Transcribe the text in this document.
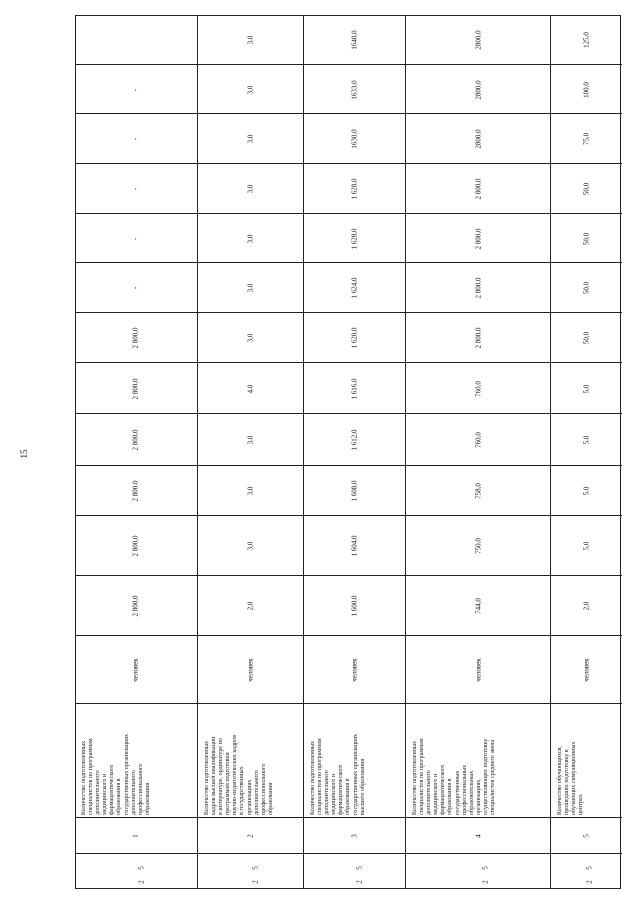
15
-
-
-
-
-
2 800,0
2 800,0
2 800,0
2 800,0
2 800,0
2 800,0
человек
Количество подготовленных специалистов по программам дополнительного медицинского и фармацевтического образования в государственных организациях дополнительного профессионального образования
1
5
2
3,0
3,0
3,0
3,0
3,0
3,0
3,0
4,0
3,0
3,0
3,0
2,0
человек
Количество подготовленных кадров высшей квалификации в интернатуре, ординатуре по программам подготовки научно-педагогических кадров в государственных организациях дополнительного профессионального образования
2
5
2
1640,0
1633,0
1630,0
1 628,0
1 628,0
1 624,0
1 620,0
1 616,0
1 612,0
1 608,0
1 604,0
1 600,0
человек
Количество подготовленных специалистов по программам дополнительного медицинского и фармацевтического образования в государственных организациях высшего образования
3
5
2
2800,0
2800,0
2800,0
2 800,0
2 800,0
2 800,0
2 800,0
760,0
760,0
758,0
750,0
744,0
человек
Количество подготовленных специалистов по программам дополнительного медицинского и фармацевтического образования в государственных профессиональных образовательных организациях, осуществляющих подготовку специалистов среднего звена
4
5
2
125,0
100,0
75,0
50,0
50,0
50,0
50,0
5,0
5,0
5,0
5,0
2,0
человек
Количество обучающихся, прошедших подготовку в обучающих симуляционных центрах
5
5
2
